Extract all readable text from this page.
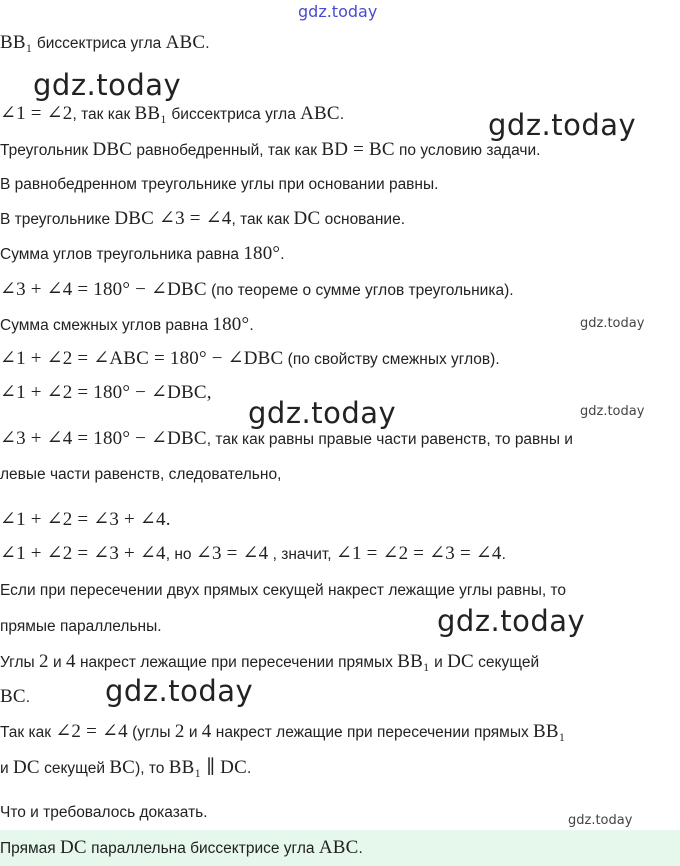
gdz.today
gdz.today
gdz.today
gdz.today
gdz.today	gdz.today
gdz.today
gdz.today
gdz.today
BB₁ биссектриса угла ABC.
∠1 = ∠2, так как BB₁ биссектриса угла ABC.
Треугольник DBC равнобедренный, так как BD = BC по условию задачи.
В равнобедренном треугольнике углы при основании равны.
В треугольнике DBC ∠3 = ∠4, так как DC основание.
Сумма углов треугольника равна 180°.
∠3 + ∠4 = 180° − ∠DBC (по теореме о сумме углов треугольника).
Сумма смежных углов равна 180°.
∠1 + ∠2 = ∠ABC = 180° − ∠DBC (по свойству смежных углов).
∠1 + ∠2 = 180° − ∠DBC,
∠3 + ∠4 = 180° − ∠DBC, так как равны правые части равенств, то равны и
левые части равенств, следовательно,
∠1 + ∠2 = ∠3 + ∠4.
∠1 + ∠2 = ∠3 + ∠4, но ∠3 = ∠4 , значит, ∠1 = ∠2 = ∠3 = ∠4.
Если при пересечении двух прямых секущей накрест лежащие углы равны, то
прямые параллельны.
Углы 2 и 4 накрест лежащие при пересечении прямых BB₁ и DC секущей
BC.
Так как ∠2 = ∠4 (углы 2 и 4 накрест лежащие при пересечении прямых BB₁
и DC секущей BC), то BB₁ ∥ DC.
Что и требовалось доказать.
Прямая DC параллельна биссектрисе угла ABC.
